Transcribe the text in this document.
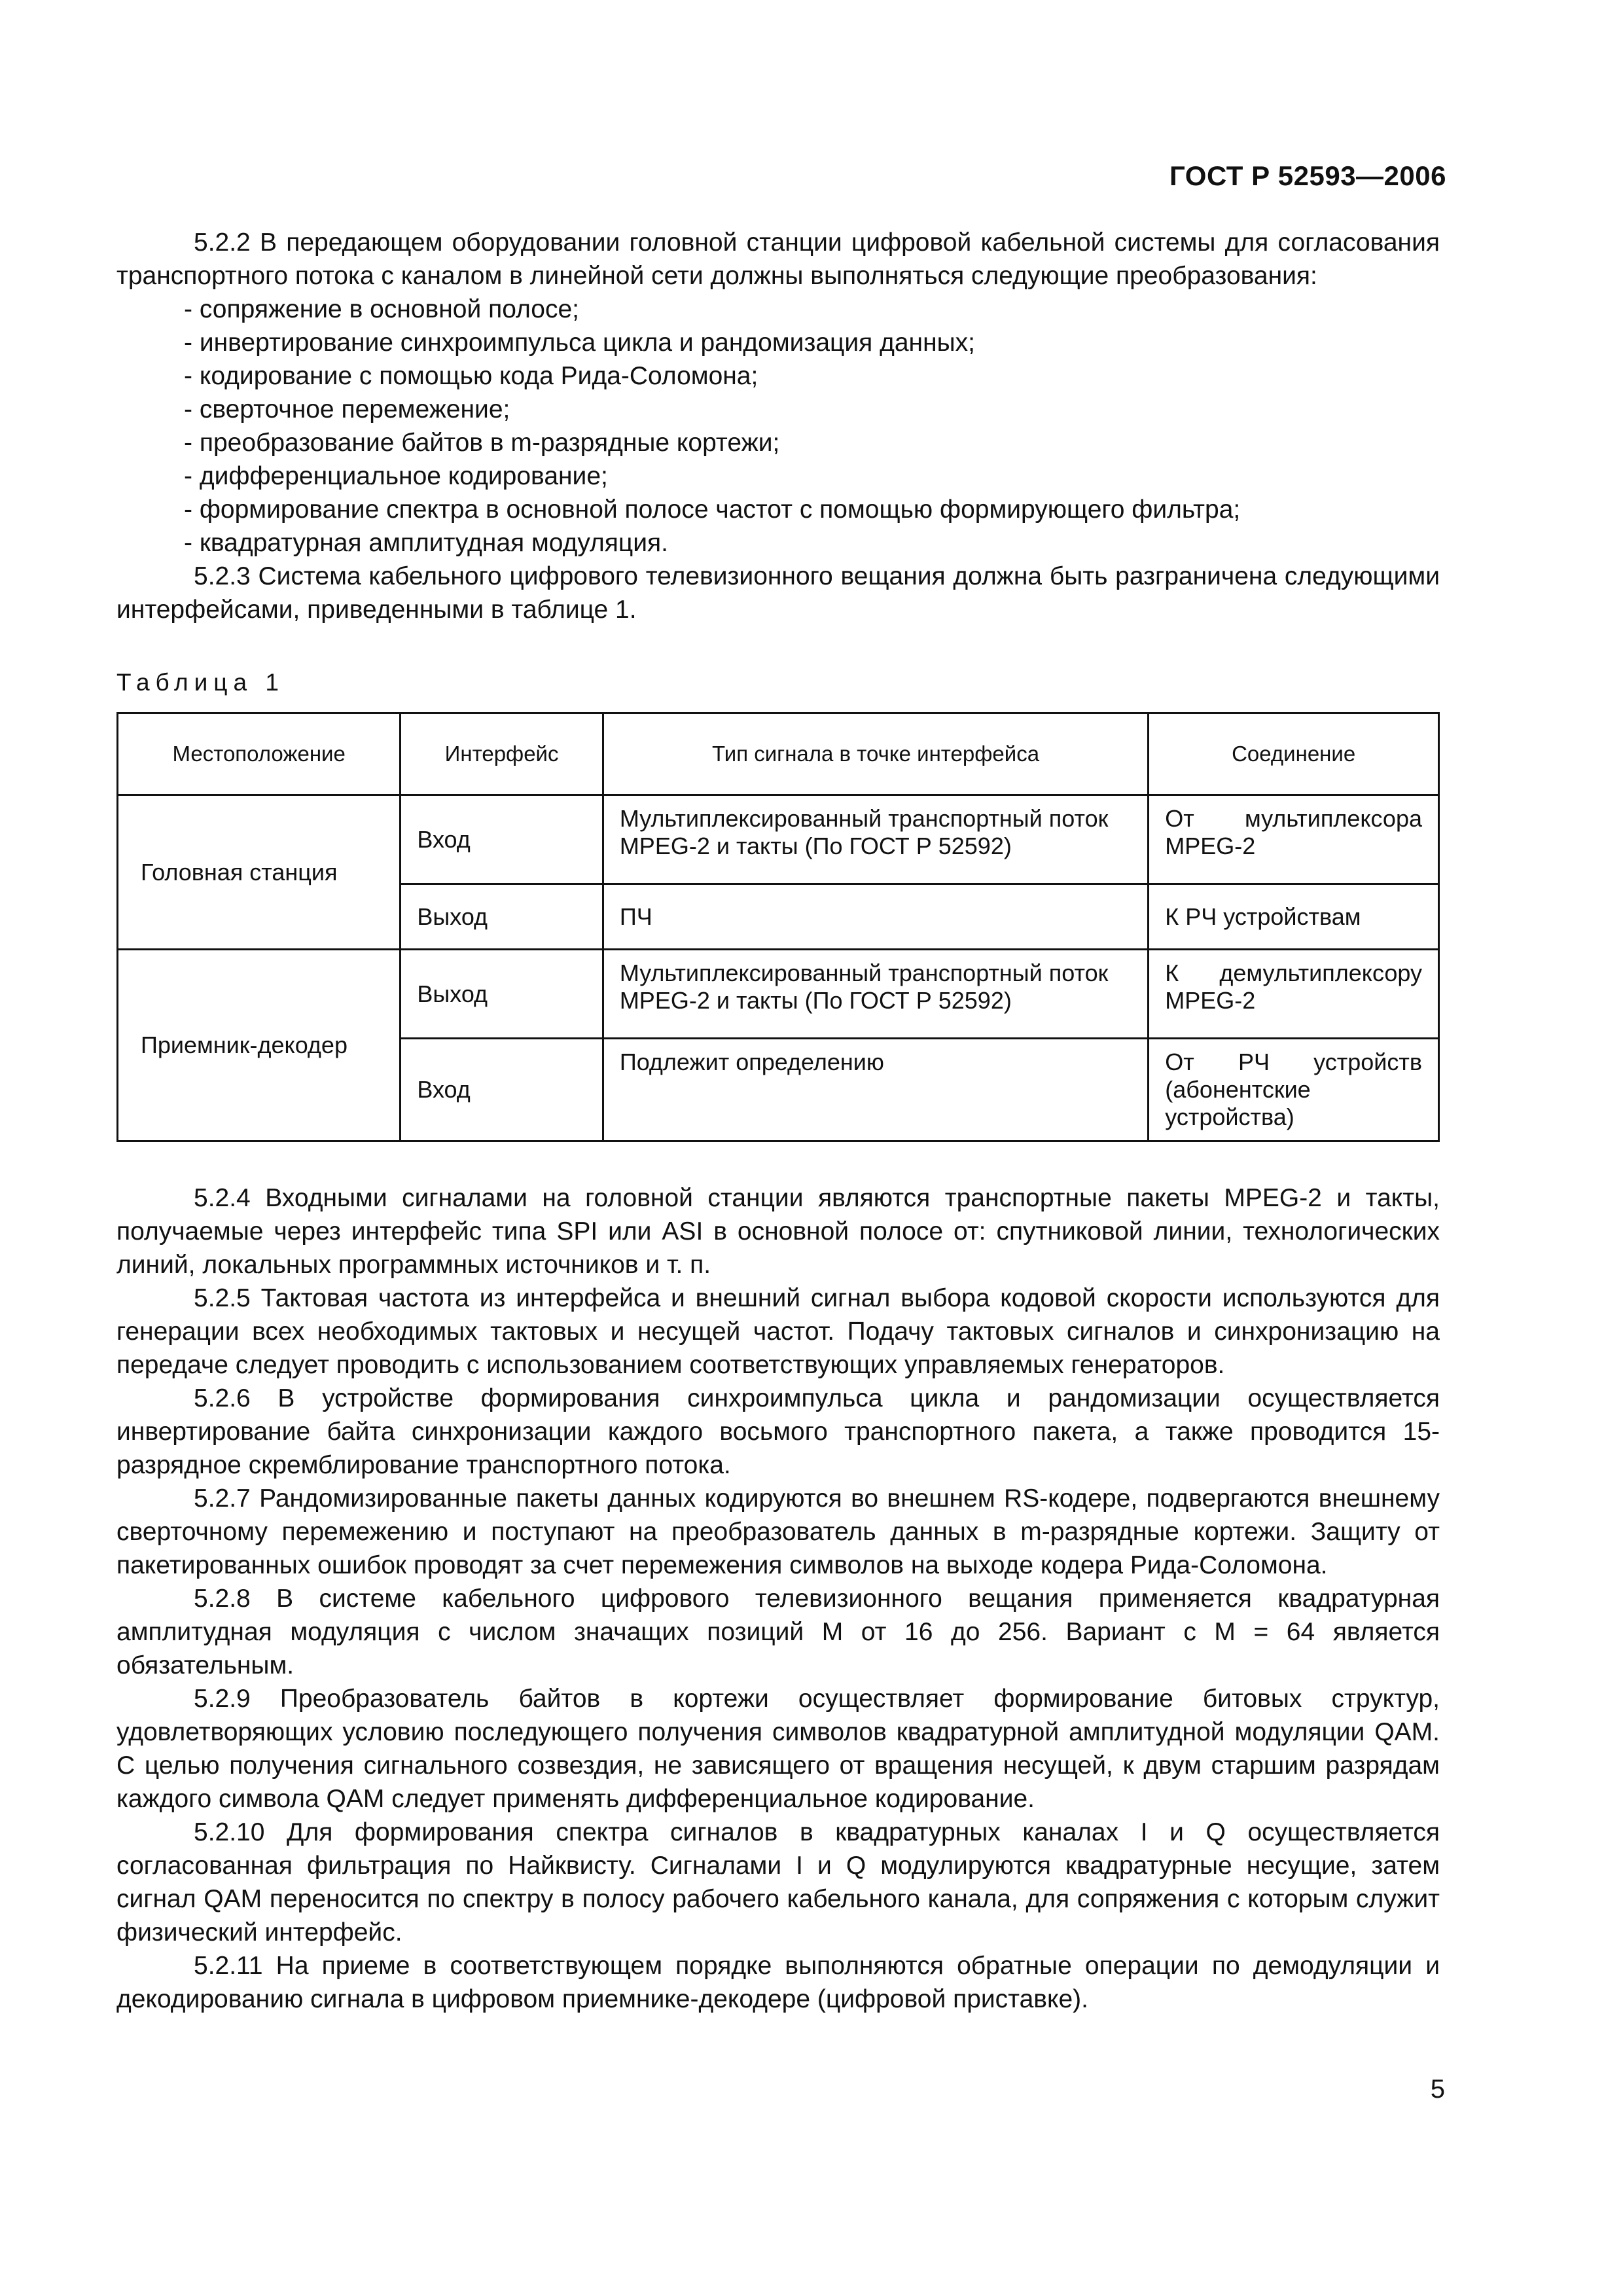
ГОСТ Р 52593—2006

5.2.2 В передающем оборудовании головной станции цифровой кабельной системы для согласования транспортного потока с каналом в линейной сети должны выполняться следующие преобразования:

- сопряжение в основной полосе;
- инвертирование синхроимпульса цикла и рандомизация данных;
- кодирование с помощью кода Рида-Соломона;
- сверточное перемежение;
- преобразование байтов в m-разрядные кортежи;
- дифференциальное кодирование;
- формирование спектра в основной полосе частот с помощью формирующего фильтра;
- квадратурная амплитудная модуляция.

5.2.3 Система кабельного цифрового телевизионного вещания должна быть разграничена следующими интерфейсами, приведенными в таблице 1.

Таблица 1
Местоположение	Интерфейс	Тип сигнала в точке интерфейса	Соединение
Головная станция	Вход	Мультиплексированный транспортный поток MPEG-2 и такты (По ГОСТ Р 52592)	От мультиплексора MPEG-2
	Выход	ПЧ	К РЧ устройствам
Приемник-декодер	Выход	Мультиплексированный транспортный поток MPEG-2 и такты (По ГОСТ Р 52592)	К демультиплексору MPEG-2
	Вход	Подлежит определению	От РЧ устройств (абонентские устройства)

5.2.4 Входными сигналами на головной станции являются транспортные пакеты MPEG-2 и такты, получаемые через интерфейс типа SPI или ASI в основной полосе от: спутниковой линии, технологических линий, локальных программных источников и т. п.

5.2.5 Тактовая частота из интерфейса и внешний сигнал выбора кодовой скорости используются для генерации всех необходимых тактовых и несущей частот. Подачу тактовых сигналов и синхронизацию на передаче следует проводить с использованием соответствующих управляемых генераторов.

5.2.6 В устройстве формирования синхроимпульса цикла и рандомизации осуществляется инвертирование байта синхронизации каждого восьмого транспортного пакета, а также проводится 15-разрядное скремблирование транспортного потока.

5.2.7 Рандомизированные пакеты данных кодируются во внешнем RS-кодере, подвергаются внешнему сверточному перемежению и поступают на преобразователь данных в m-разрядные кортежи. Защиту от пакетированных ошибок проводят за счет перемежения символов на выходе кодера Рида-Соломона.

5.2.8 В системе кабельного цифрового телевизионного вещания применяется квадратурная амплитудная модуляция с числом значащих позиций M от 16 до 256. Вариант с M = 64 является обязательным.

5.2.9 Преобразователь байтов в кортежи осуществляет формирование битовых структур, удовлетворяющих условию последующего получения символов квадратурной амплитудной модуляции QAM. С целью получения сигнального созвездия, не зависящего от вращения несущей, к двум старшим разрядам каждого символа QAM следует применять дифференциальное кодирование.

5.2.10 Для формирования спектра сигналов в квадратурных каналах I и Q осуществляется согласованная фильтрация по Найквисту. Сигналами I и Q модулируются квадратурные несущие, затем сигнал QAM переносится по спектру в полосу рабочего кабельного канала, для сопряжения с которым служит физический интерфейс.

5.2.11 На приеме в соответствующем порядке выполняются обратные операции по демодуляции и декодированию сигнала в цифровом приемнике-декодере (цифровой приставке).

5
